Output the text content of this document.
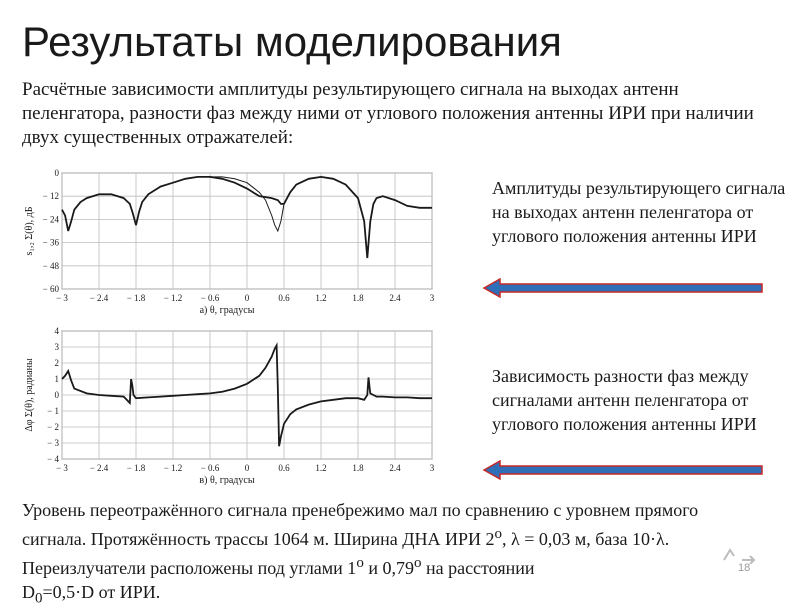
Результаты моделирования
Расчётные зависимости амплитуды результирующего сигнала на выходах антенн пеленгатора, разности фаз между ними от углового положения антенны ИРИ при наличии двух существенных отражателей:
− 3 − 2.4 − 1.8 − 1.2 − 0.6	0	0.6	1.2	1.8	2.4	3
0
− 12
− 24
− 36
− 48
− 60
а) θ, градусы
s₁,₂ Σ(θ), дБ
− 3 − 2.4 − 1.8 − 1.2 − 0.6	0	0.6	1.2	1.8	2.4	3
4
3
2
1
0
− 1
− 2
− 3
− 4
в) θ, градусы
Δφ Σ(θ), радианы
Амплитуды результирующего сигнала на выходах антенн пеленгатора от углового положения антенны ИРИ
Зависимость разности фаз между сигналами антенн пеленгатора от углового положения антенны ИРИ
Уровень переотражённого сигнала пренебрежимо мал по сравнению с уровнем прямого сигнала. Протяжённость трассы 1064 м. Ширина ДНА ИРИ $2^о$, λ = 0,03 м, база 10·λ. Переизлучатели расположены под углами $1^о$ и $0,79^о$ на расстоянии
$D_0=0,5\cdot D$ от ИРИ.
18
